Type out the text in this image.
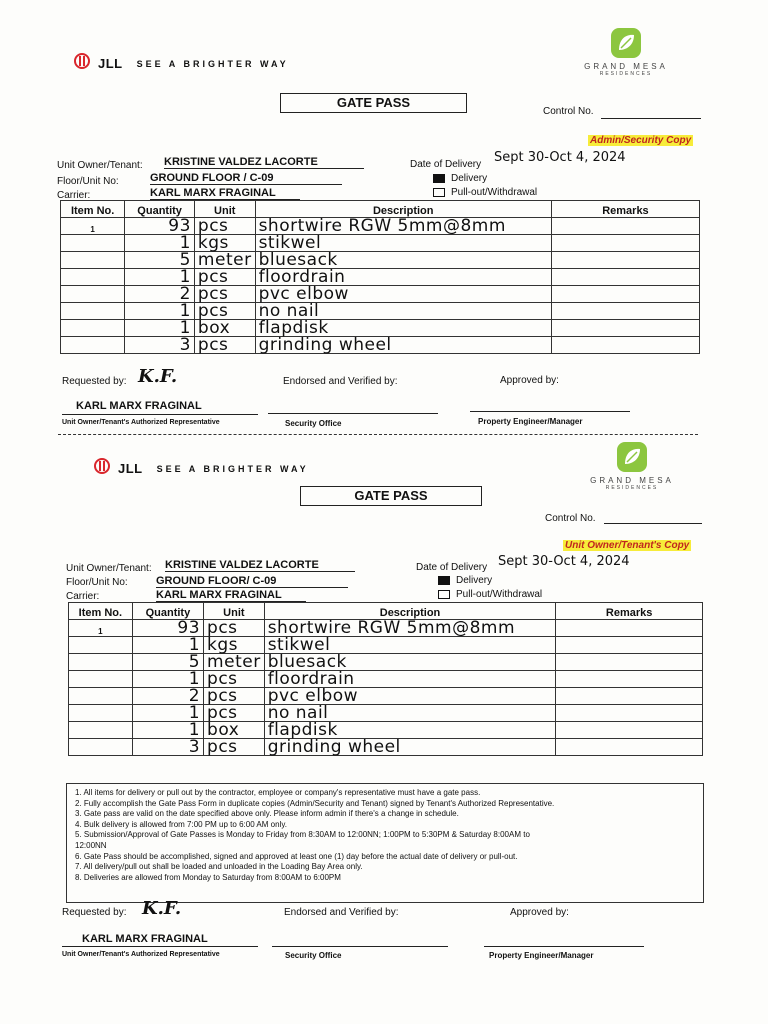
JLL SEE A BRIGHTER WAY	GRAND MESA
RESIDENCES
GATE PASS
Control No.
Admin/Security Copy
Unit Owner/Tenant: KRISTINE VALDEZ LACORTE
Floor/Unit No:	GROUND FLOOR / C-09
Carrier:	KARL MARX FRAGINAL
Date of Delivery Sept 30-Oct 4, 2024
Delivery
Pull-out/Withdrawal
Item No.	Quantity	Unit	Description	Remarks
1	93	pcs	shortwire RGW 5mm@8mm	
	1	kgs	stikwel	
	5	meter	bluesack	
	1	pcs	floordrain	
	2	pcs	pvc elbow	
	1	pcs	no nail	
	1	box	flapdisk	
	3	pcs	grinding wheel	
Requested by: K.F.	Endorsed and Verified by:	Approved by:
KARL MARX FRAGINAL
Unit Owner/Tenant's Authorized Representative	Security Office	Property Engineer/Manager
JLL SEE A BRIGHTER WAY
GRAND MESA
RESIDENCES
GATE PASS
Control No.
Unit Owner/Tenant's Copy
Unit Owner/Tenant: KRISTINE VALDEZ LACORTE
Floor/Unit No:	GROUND FLOOR/ C-09
Carrier:	KARL MARX FRAGINAL
Date of Delivery Sept 30-Oct 4, 2024
Delivery
Pull-out/Withdrawal
Item No.	Quantity	Unit	Description	Remarks
1	93	pcs	shortwire RGW 5mm@8mm	
	1	kgs	stikwel	
	5	meter	bluesack	
	1	pcs	floordrain	
	2	pcs	pvc elbow	
	1	pcs	no nail	
	1	box	flapdisk	
	3	pcs	grinding wheel	
1. All items for delivery or pull out by the contractor, employee or company's representative must have a gate pass.
2. Fully accomplish the Gate Pass Form in duplicate copies (Admin/Security and Tenant) signed by Tenant's Authorized Representative.
3. Gate pass are valid on the date specified above only. Please inform admin if there's a change in schedule.
4. Bulk delivery is allowed from 7:00 PM up to 6:00 AM only.
5. Submission/Approval of Gate Passes is Monday to Friday from 8:30AM to 12:00NN; 1:00PM to 5:30PM & Saturday 8:00AM to
12:00NN
6. Gate Pass should be accomplished, signed and approved at least one (1) day before the actual date of delivery or pull-out.
7. All delivery/pull out shall be loaded and unloaded in the Loading Bay Area only.
8. Deliveries are allowed from Monday to Saturday from 8:00AM to 6:00PM
Requested by: K.F.	Endorsed and Verified by:	Approved by:
KARL MARX FRAGINAL
Unit Owner/Tenant's Authorized Representative	Security Office	Property Engineer/Manager
